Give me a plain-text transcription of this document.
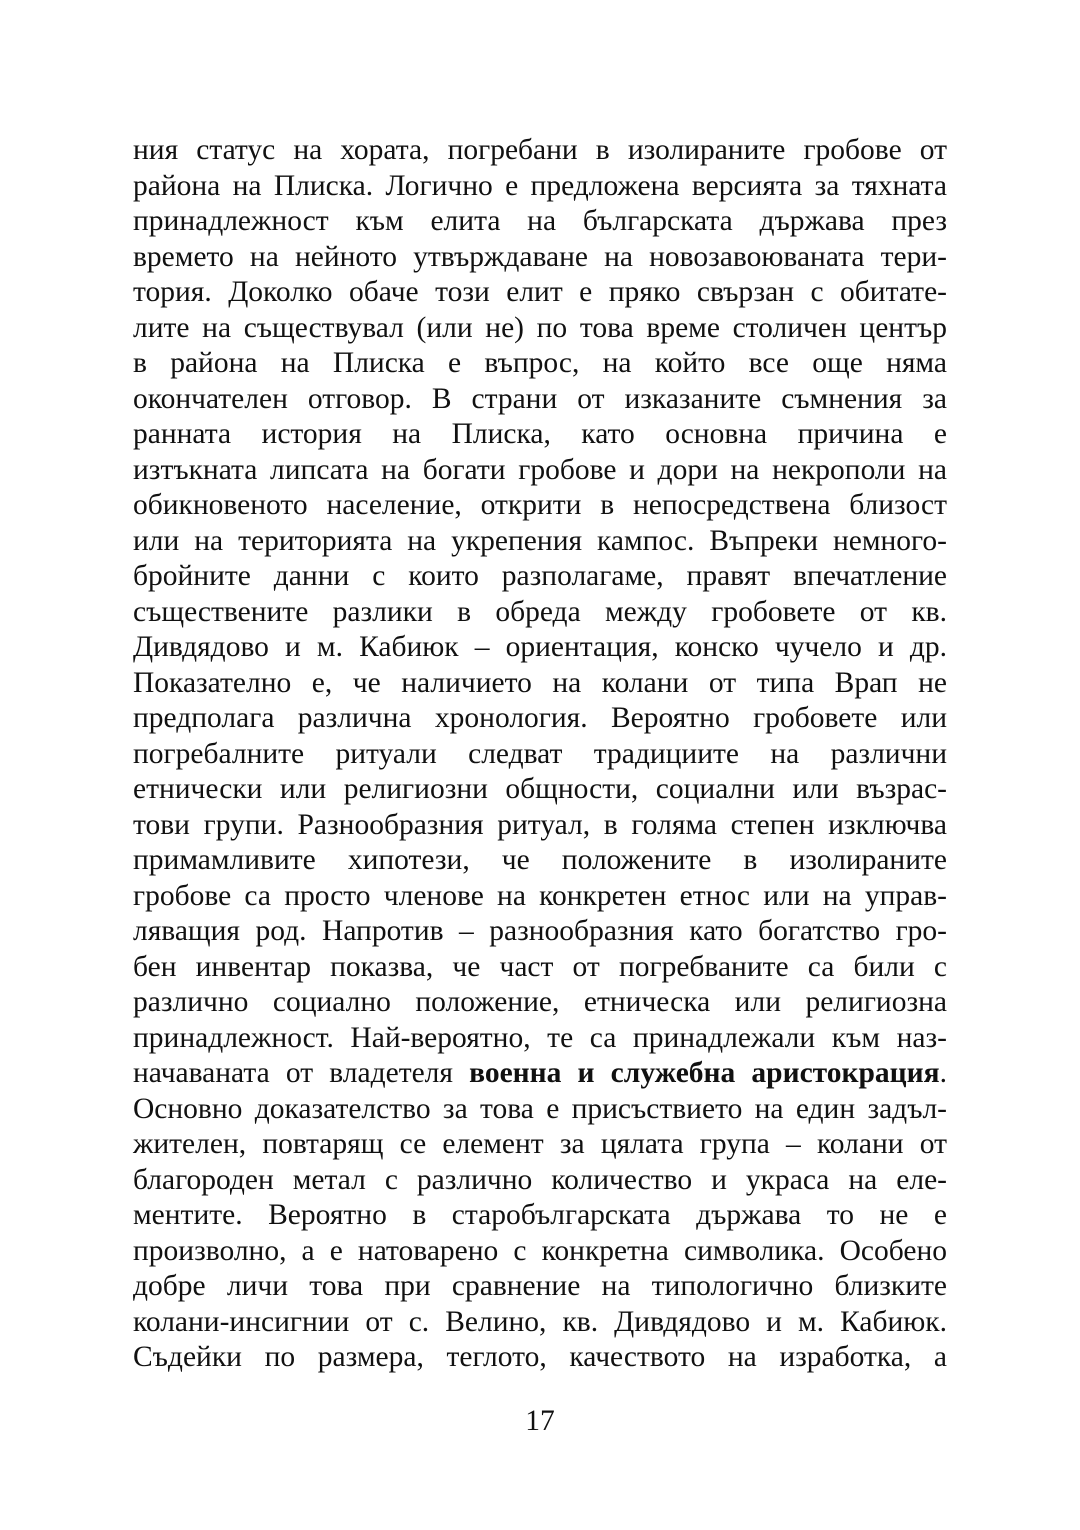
ния статус на хората, погребани в изолираните гробове от
района на Плиска. Логично е предложена версията за тяхната
принадлежност към елита на българската държава през
времето на нейното утвърждаване на новозавоюваната тери-
тория. Доколко обаче този елит е пряко свързан с обитате-
лите на съществувал (или не) по това време столичен център
в района на Плиска е въпрос, на който все още няма
окончателен отговор. В страни от изказаните съмнения за
ранната история на Плиска, като основна причина е
изтъкната липсата на богати гробове и дори на некрополи на
обикновеното население, открити в непосредствена близост
или на територията на укрепения кампос. Въпреки немного-
бройните данни с които разполагаме, правят впечатление
съществените разлики в обреда между гробовете от кв.
Дивдядово и м. Кабиюк – ориентация, конско чучело и др.
Показателно е, че наличието на колани от типа Врап не
предполага различна хронология. Вероятно гробовете или
погребалните ритуали следват традициите на различни
етнически или религиозни общности, социални или възрас-
тови групи. Разнообразния ритуал, в голяма степен изключва
примамливите хипотези, че положените в изолираните
гробове са просто членове на конкретен етнос или на управ-
ляващия род. Напротив – разнообразния като богатство гро-
бен инвентар показва, че част от погребваните са били с
различно социално положение, етническа или религиозна
принадлежност. Най-вероятно, те са принадлежали към наз-
начаваната от владетеля военна и служебна аристокрация.
Основно доказателство за това е присъствието на един задъл-
жителен, повтарящ се елемент за цялата група – колани от
благороден метал с различно количество и украса на еле-
ментите. Вероятно в старобългарската държава то не е
произволно, а е натоварено с конкретна символика. Особено
добре личи това при сравнение на типологично близките
колани-инсигнии от с. Велино, кв. Дивдядово и м. Кабиюк.
Съдейки по размера, теглото, качеството на изработка, а
17
